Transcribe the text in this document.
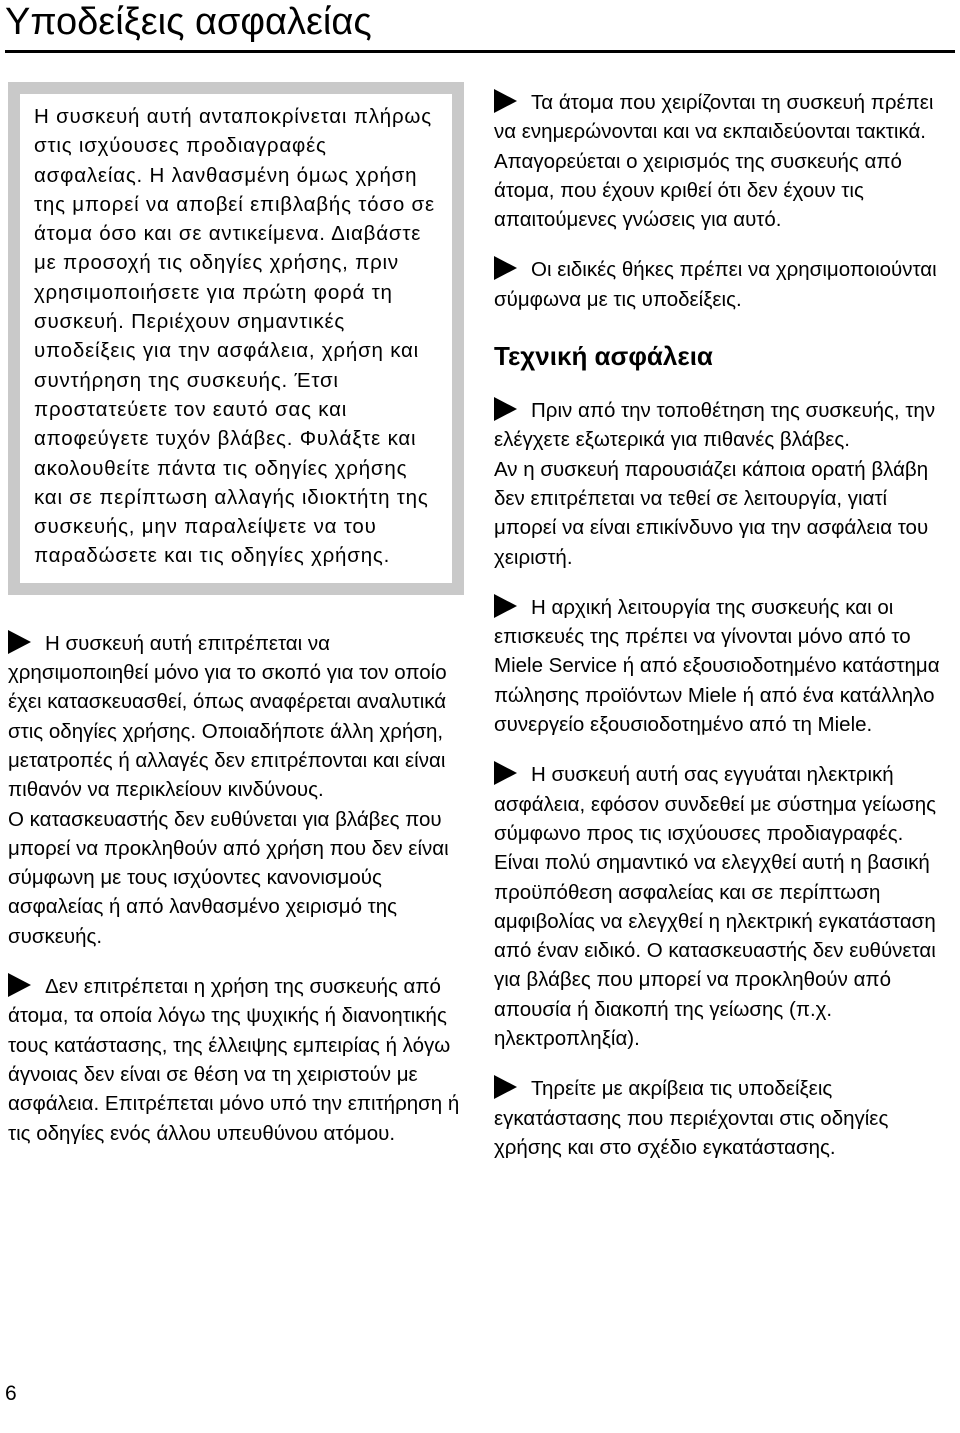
Υποδείξεις ασφαλείας

Η συσκευή αυτή ανταποκρίνεται πλήρως στις ισχύουσες προδιαγραφές ασφαλείας. Η λανθασμένη όμως χρήση της μπορεί να αποβεί επιβλαβής τόσο σε άτομα όσο και σε αντικείμενα. Διαβάστε με προσοχή τις οδηγίες χρήσης, πριν χρησιμοποιήσετε για πρώτη φορά τη συσκευή. Περιέχουν σημαντικές υποδείξεις για την ασφάλεια, χρήση και συντήρηση της συσκευής. Έτσι προστατεύετε τον εαυτό σας και αποφεύγετε τυχόν βλάβες. Φυλάξτε και ακολουθείτε πάντα τις οδηγίες χρήσης και σε περίπτωση αλλαγής ιδιοκτήτη της συσκευής, μην παραλείψετε να του παραδώσετε και τις οδηγίες χρήσης.

Η συσκευή αυτή επιτρέπεται να χρησιμοποιηθεί μόνο για το σκοπό για τον οποίο έχει κατασκευασθεί, όπως αναφέρεται αναλυτικά στις οδηγίες χρήσης. Οποιαδήποτε άλλη χρήση, μετατροπές ή αλλαγές δεν επιτρέπονται και είναι πιθανόν να περικλείουν κινδύνους.

Ο κατασκευαστής δεν ευθύνεται για βλάβες που μπορεί να προκληθούν από χρήση που δεν είναι σύμφωνη με τους ισχύοντες κανονισμούς ασφαλείας ή από λανθασμένο χειρισμό της συσκευής.

Δεν επιτρέπεται η χρήση της συσκευής από άτομα, τα οποία λόγω της ψυχικής ή διανοητικής τους κατάστασης, της έλλειψης εμπειρίας ή λόγω άγνοιας δεν είναι σε θέση να τη χειριστούν με ασφάλεια. Επιτρέπεται μόνο υπό την επιτήρηση ή τις οδηγίες ενός άλλου υπευθύνου ατόμου.

Τα άτομα που χειρίζονται τη συσκευή πρέπει να ενημερώνονται και να εκπαιδεύονται τακτικά. Απαγορεύεται ο χειρισμός της συσκευής από άτομα, που έχουν κριθεί ότι δεν έχουν τις απαιτούμενες γνώσεις για αυτό.

Οι ειδικές θήκες πρέπει να χρησιμοποιούνται σύμφωνα με τις υποδείξεις.

Τεχνική ασφάλεια

Πριν από την τοποθέτηση της συσκευής, την ελέγχετε εξωτερικά για πιθανές βλάβες.

Αν η συσκευή παρουσιάζει κάποια ορατή βλάβη δεν επιτρέπεται να τεθεί σε λειτουργία, γιατί μπορεί να είναι επικίνδυνο για την ασφάλεια του χειριστή.

Η αρχική λειτουργία της συσκευής και οι επισκευές της πρέπει να γίνονται μόνο από το Miele Service ή από εξουσιοδοτημένο κατάστημα πώλησης προϊόντων Miele ή από ένα κατάλληλο συνεργείο εξουσιοδοτημένο από τη Miele.

Η συσκευή αυτή σας εγγυάται ηλεκτρική ασφάλεια, εφόσον συνδεθεί με σύστημα γείωσης σύμφωνο προς τις ισχύουσες προδιαγραφές. Είναι πολύ σημαντικό να ελεγχθεί αυτή η βασική προϋπόθεση ασφαλείας και σε περίπτωση αμφιβολίας να ελεγχθεί η ηλεκτρική εγκατάσταση από έναν ειδικό. Ο κατασκευαστής δεν ευθύνεται για βλάβες που μπορεί να προκληθούν από απουσία ή διακοπή της γείωσης (π.χ. ηλεκτροπληξία).

Τηρείτε με ακρίβεια τις υποδείξεις εγκατάστασης που περιέχονται στις οδηγίες χρήσης και στο σχέδιο εγκατάστασης.

6
